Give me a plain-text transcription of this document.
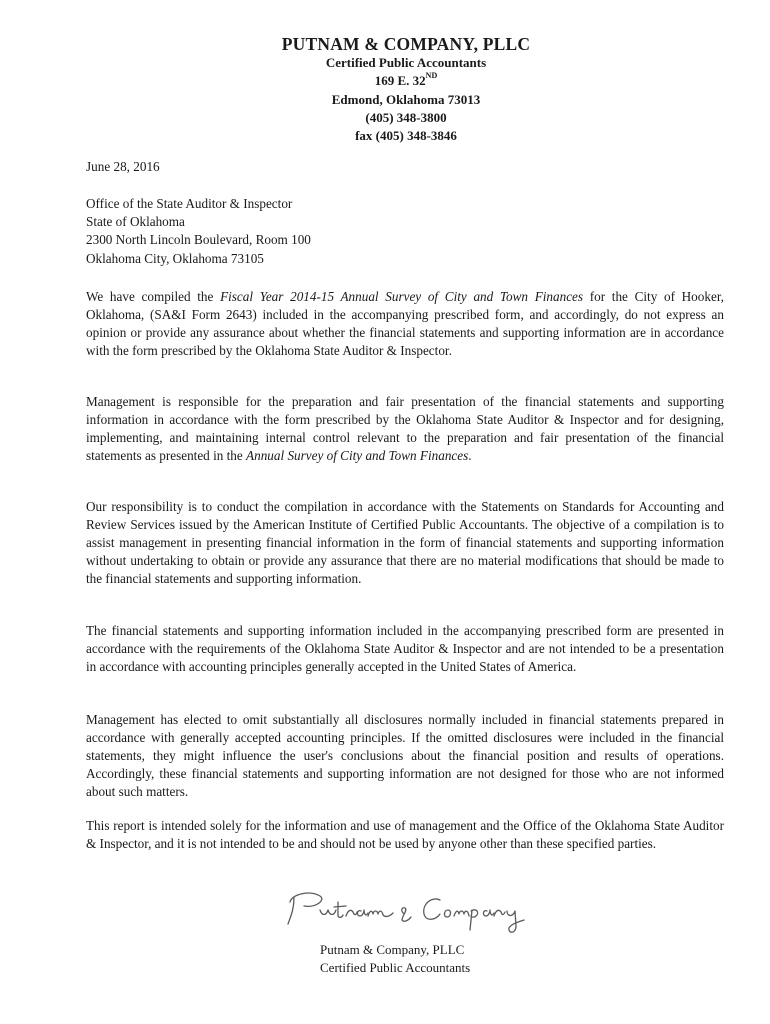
PUTNAM & COMPANY, PLLC
Certified Public Accountants
169 E. 32ND
Edmond, Oklahoma 73013
(405) 348-3800
fax (405) 348-3846
June 28, 2016
Office of the State Auditor & Inspector
State of Oklahoma
2300 North Lincoln Boulevard, Room 100
Oklahoma City, Oklahoma 73105

We have compiled the Fiscal Year 2014-15 Annual Survey of City and Town Finances for the City of Hooker, Oklahoma, (SA&I Form 2643) included in the accompanying prescribed form, and accordingly, do not express an opinion or provide any assurance about whether the financial statements and supporting information are in accordance with the form prescribed by the Oklahoma State Auditor & Inspector.

Management is responsible for the preparation and fair presentation of the financial statements and supporting information in accordance with the form prescribed by the Oklahoma State Auditor & Inspector and for designing, implementing, and maintaining internal control relevant to the preparation and fair presentation of the financial statements as presented in the Annual Survey of City and Town Finances.

Our responsibility is to conduct the compilation in accordance with the Statements on Standards for Accounting and Review Services issued by the American Institute of Certified Public Accountants. The objective of a compilation is to assist management in presenting financial information in the form of financial statements and supporting information without undertaking to obtain or provide any assurance that there are no material modifications that should be made to the financial statements and supporting information.

The financial statements and supporting information included in the accompanying prescribed form are presented in accordance with the requirements of the Oklahoma State Auditor & Inspector and are not intended to be a presentation in accordance with accounting principles generally accepted in the United States of America.

Management has elected to omit substantially all disclosures normally included in financial statements prepared in accordance with generally accepted accounting principles. If the omitted disclosures were included in the financial statements, they might influence the user's conclusions about the financial position and results of operations. Accordingly, these financial statements and supporting information are not designed for those who are not informed about such matters.

This report is intended solely for the information and use of management and the Office of the Oklahoma State Auditor & Inspector, and it is not intended to be and should not be used by anyone other than these specified parties.

Putnam & Company, PLLC
Certified Public Accountants
